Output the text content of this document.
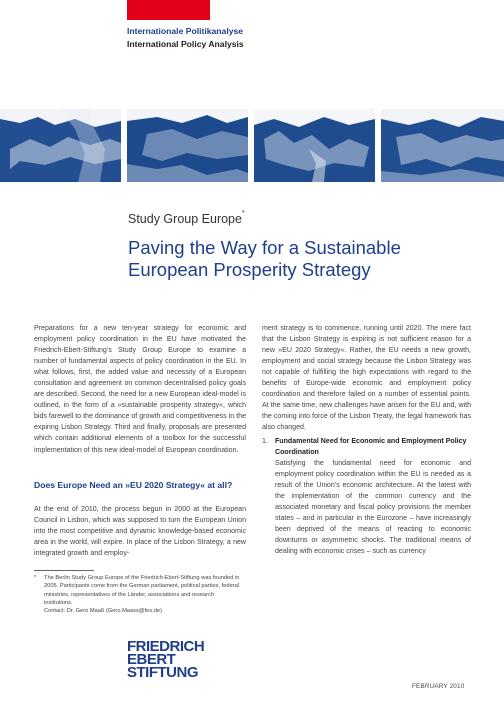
Internationale Politikanalyse
International Policy Analysis
Study Group Europe*
Paving the Way for a Sustainable
European Prosperity Strategy

Preparations for a new ten-year strategy for economic and employment policy coordination in the EU have motivated the Friedrich-Ebert-Stiftung’s Study Group Europe to examine a number of fundamental aspects of policy coordination in the EU. In what follows, first, the added value and necessity of a European consultation and agreement on common decentralised policy goals are described. Second, the need for a new European ideal-model is outlined, in the form of a »sustainable prosperity strategy«, which bids farewell to the dominance of growth and competitiveness in the expiring Lisbon Strategy. Third and finally, proposals are presented which contain additional elements of a toolbox for the successful implementation of this new ideal-model of European coordination.

Does Europe Need an »EU 2020 Strategy« at all?

At the end of 2010, the process begun in 2000 at the European Council in Lisbon, which was supposed to turn the European Union into the most competitive and dynamic knowledge-based economic area in the world, will expire. In place of the Lisbon Strategy, a new integrated growth and employ-

ment strategy is to commence, running until 2020. The mere fact that the Lisbon Strategy is expiring is not sufficient reason for a new »EU 2020 Strategy«. Rather, the EU needs a new growth, employment and social strategy because the Lisbon Strategy was not capable of fulfilling the high expectations with regard to the benefits of Europe-wide economic and employment policy coordination and therefore failed on a number of essential points. At the same time, new challenges have arisen for the EU and, with the coming into force of the Lisbon Treaty, the legal framework has also changed.

1. Fundamental Need for Economic and Employment Policy Coordination
Satisfying the fundamental need for economic and employment policy coordination within the EU is needed as a result of the Union’s economic architecture. At the latest with the implementation of the common currency and the associated monetary and fiscal policy provisions the member states – and in particular in the Eurozone – have increasingly been deprived of the means of reacting to economic downturns or asymmetric shocks. The traditional means of dealing with economic crises – such as currency
* The Berlin Study Group Europe of the Friedrich-Ebert-Stiftung was founded in 2005. Participants come from the German parliament, political parties, federal ministries, representatives of the Länder, associations and research institutions.
Contact: Dr. Gero Maaß (Gero.Maass@fes.de)
FRIEDRICH
EBERT
STIFTUNG
FEBRUARY 2010
